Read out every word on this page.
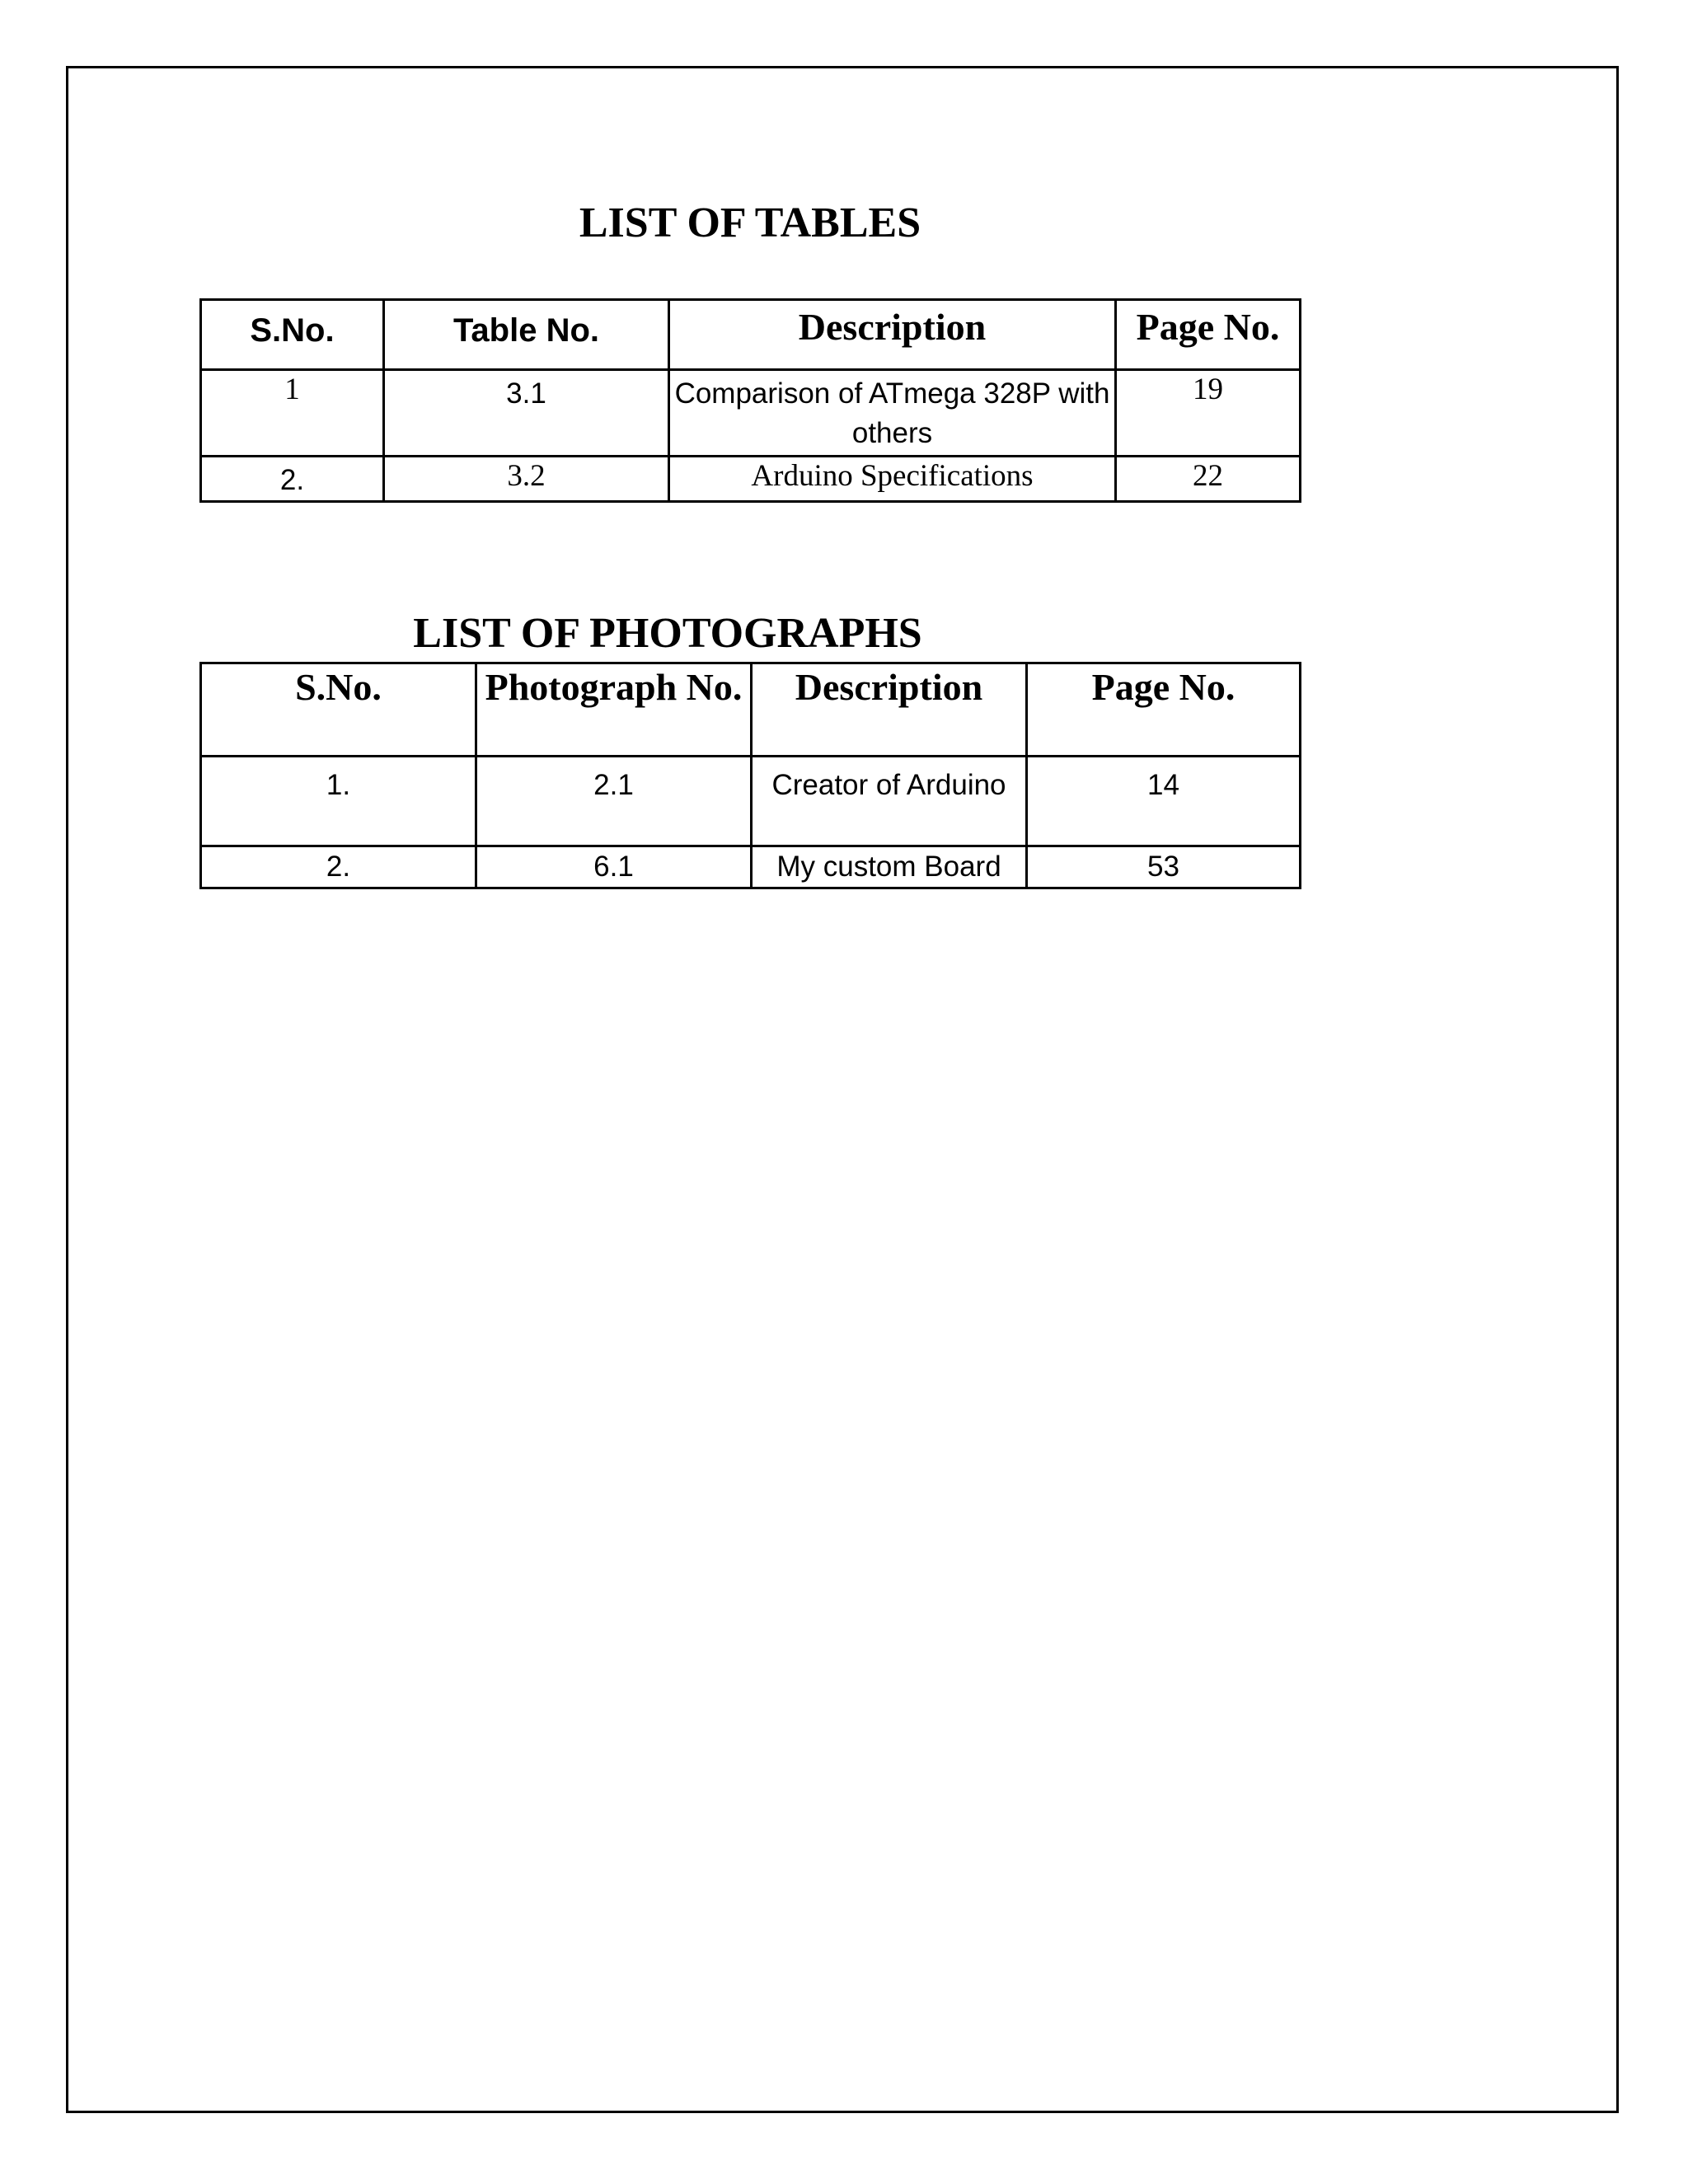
LIST OF TABLES
S.No.	Table No.	Description	Page No.
1	3.1	Comparison of ATmega 328P with others	19
2.	3.2	Arduino Specifications	22
LIST OF PHOTOGRAPHS
S.No.	Photograph No.	Description	Page No.
1.	2.1	Creator of Arduino	14
2.	6.1	My custom Board	53
